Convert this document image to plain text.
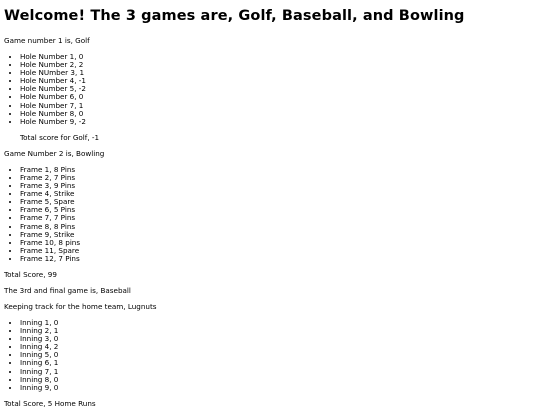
Welcome! The 3 games are, Golf, Baseball, and Bowling

Game number 1 is, Golf

• Hole Number 1, 0
• Hole Number 2, 2
• Hole NUmber 3, 1
• Hole Number 4, -1
• Hole Number 5, -2
• Hole Number 6, 0
• Hole Number 7, 1
• Hole Number 8, 0
• Hole Number 9, -2

Total score for Golf, -1

Game Number 2 is, Bowling

• Frame 1, 8 Pins
• Frame 2, 7 Pins
• Frame 3, 9 Pins
• Frame 4, Strike
• Frame 5, Spare
• Frame 6, 5 Pins
• Frame 7, 7 Pins
• Frame 8, 8 Pins
• Frame 9, Strike
• Frame 10, 8 pins
• Frame 11, Spare
• Frame 12, 7 Pins

Total Score, 99

The 3rd and final game is, Baseball

Keeping track for the home team, Lugnuts

• Inning 1, 0
• Inning 2, 1
• Inning 3, 0
• Inning 4, 2
• Inning 5, 0
• Inning 6, 1
• Inning 7, 1
• Inning 8, 0
• Inning 9, 0

Total Score, 5 Home Runs
